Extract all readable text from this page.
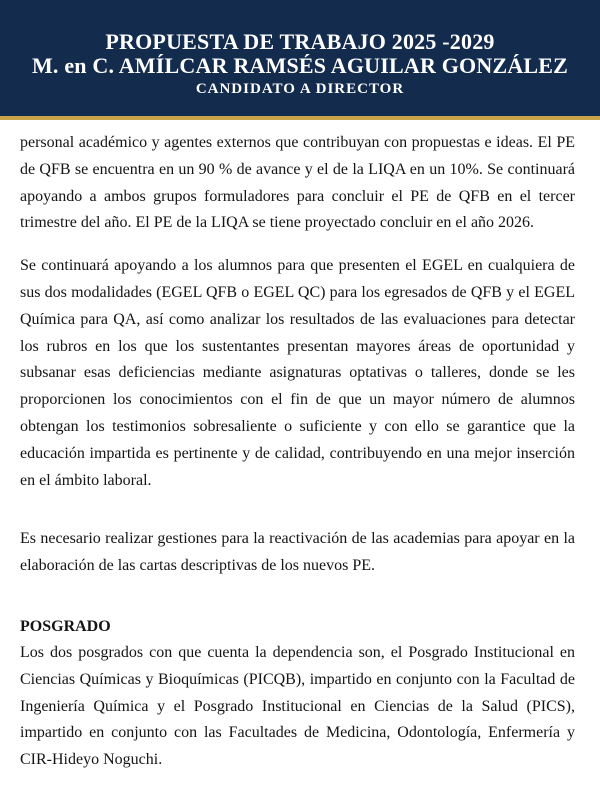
PROPUESTA DE TRABAJO 2025 -2029
M. en C. AMÍLCAR RAMSÉS AGUILAR GONZÁLEZ
CANDIDATO A DIRECTOR

personal académico y agentes externos que contribuyan con propuestas e ideas. El PE de QFB se encuentra en un 90 % de avance y el de la LIQA en un 10%. Se continuará apoyando a ambos grupos formuladores para concluir el PE de QFB en el tercer trimestre del año. El PE de la LIQA se tiene proyectado concluir en el año 2026.

Se continuará apoyando a los alumnos para que presenten el EGEL en cualquiera de sus dos modalidades (EGEL QFB o EGEL QC) para los egresados de QFB y el EGEL Química para QA, así como analizar los resultados de las evaluaciones para detectar los rubros en los que los sustentantes presentan mayores áreas de oportunidad y subsanar esas deficiencias mediante asignaturas optativas o talleres, donde se les proporcionen los conocimientos con el fin de que un mayor número de alumnos obtengan los testimonios sobresaliente o suficiente y con ello se garantice que la educación impartida es pertinente y de calidad, contribuyendo en una mejor inserción en el ámbito laboral.

Es necesario realizar gestiones para la reactivación de las academias para apoyar en la elaboración de las cartas descriptivas de los nuevos PE.

POSGRADO

Los dos posgrados con que cuenta la dependencia son, el Posgrado Institucional en Ciencias Químicas y Bioquímicas (PICQB), impartido en conjunto con la Facultad de Ingeniería Química y el Posgrado Institucional en Ciencias de la Salud (PICS), impartido en conjunto con las Facultades de Medicina, Odontología, Enfermería y CIR-Hideyo Noguchi.
